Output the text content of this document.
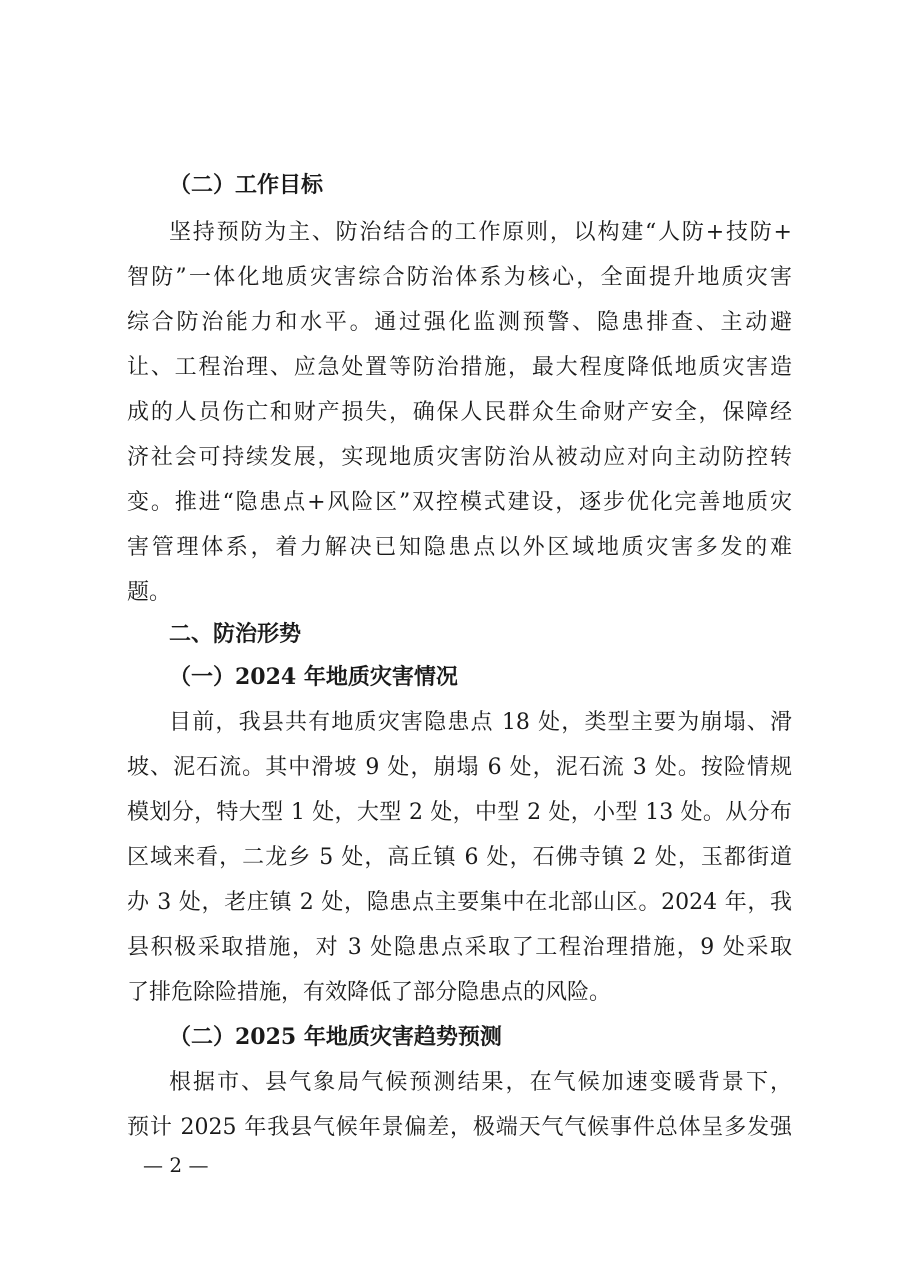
（二）工作目标
坚持预防为主、防治结合的工作原则，以构建“人防+技防+
智防”一体化地质灾害综合防治体系为核心，全面提升地质灾害
综合防治能力和水平。通过强化监测预警、隐患排查、主动避
让、工程治理、应急处置等防治措施，最大程度降低地质灾害造
成的人员伤亡和财产损失，确保人民群众生命财产安全，保障经
济社会可持续发展，实现地质灾害防治从被动应对向主动防控转
变。推进“隐患点+风险区”双控模式建设，逐步优化完善地质灾
害管理体系，着力解决已知隐患点以外区域地质灾害多发的难
题。
二、防治形势
（一）2024 年地质灾害情况
目前，我县共有地质灾害隐患点 18 处，类型主要为崩塌、滑
坡、泥石流。其中滑坡 9 处，崩塌 6 处，泥石流 3 处。按险情规
模划分，特大型 1 处，大型 2 处，中型 2 处，小型 13 处。从分布
区域来看，二龙乡 5 处，高丘镇 6 处，石佛寺镇 2 处，玉都街道
办 3 处，老庄镇 2 处，隐患点主要集中在北部山区。2024 年，我
县积极采取措施，对 3 处隐患点采取了工程治理措施，9 处采取
了排危除险措施，有效降低了部分隐患点的风险。
（二）2025 年地质灾害趋势预测
根据市、县气象局气候预测结果，在气候加速变暖背景下，
预计 2025 年我县气候年景偏差，极端天气气候事件总体呈多发强
— 2 —
